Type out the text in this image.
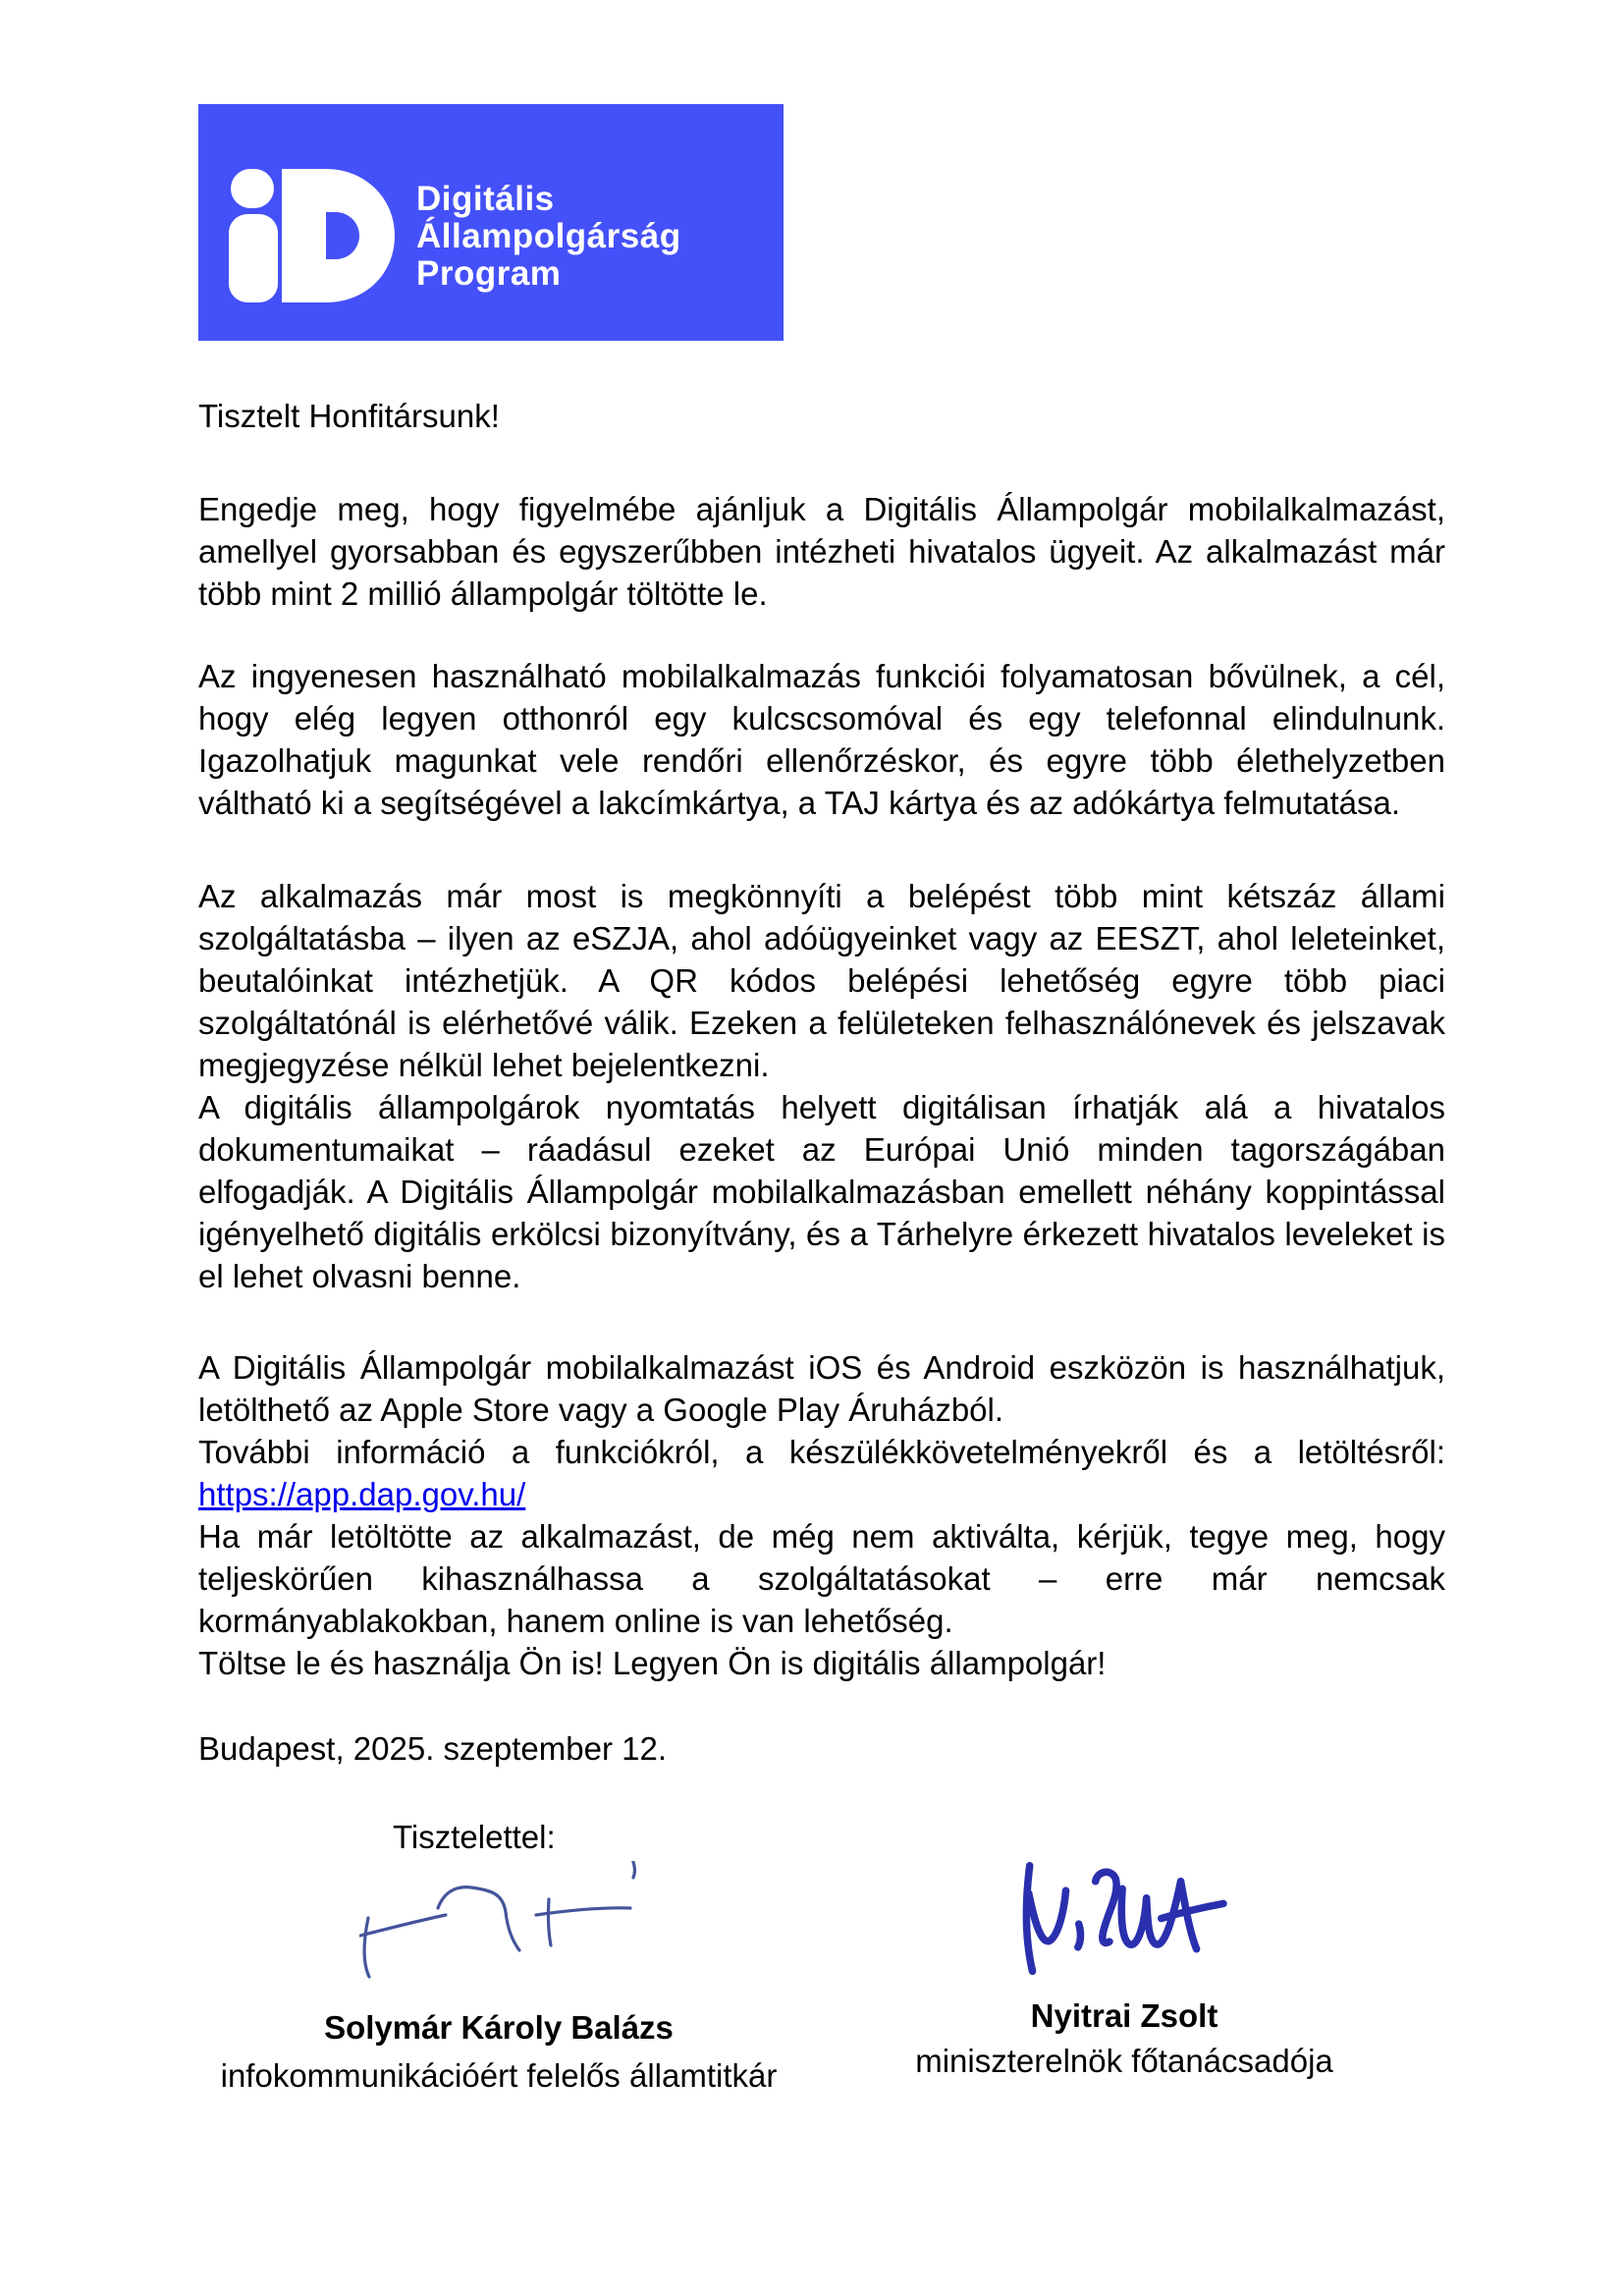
Digitális Állampolgárság Program

Tisztelt Honfitársunk!

Engedje meg, hogy figyelmébe ajánljuk a Digitális Állampolgár mobilalkalmazást, amellyel gyorsabban és egyszerűbben intézheti hivatalos ügyeit. Az alkalmazást már több mint 2 millió állampolgár töltötte le.

Az ingyenesen használható mobilalkalmazás funkciói folyamatosan bővülnek, a cél, hogy elég legyen otthonról egy kulcscsomóval és egy telefonnal elindulnunk. Igazolhatjuk magunkat vele rendőri ellenőrzéskor, és egyre több élethelyzetben váltható ki a segítségével a lakcímkártya, a TAJ kártya és az adókártya felmutatása.

Az alkalmazás már most is megkönnyíti a belépést több mint kétszáz állami szolgáltatásba – ilyen az eSZJA, ahol adóügyeinket vagy az EESZT, ahol leleteinket, beutalóinkat intézhetjük. A QR kódos belépési lehetőség egyre több piaci szolgáltatónál is elérhetővé válik. Ezeken a felületeken felhasználónevek és jelszavak megjegyzése nélkül lehet bejelentkezni.

A digitális állampolgárok nyomtatás helyett digitálisan írhatják alá a hivatalos dokumentumaikat – ráadásul ezeket az Európai Unió minden tagországában elfogadják. A Digitális Állampolgár mobilalkalmazásban emellett néhány koppintással igényelhető digitális erkölcsi bizonyítvány, és a Tárhelyre érkezett hivatalos leveleket is el lehet olvasni benne.

A Digitális Állampolgár mobilalkalmazást iOS és Android eszközön is használhatjuk, letölthető az Apple Store vagy a Google Play Áruházból.

További információ a funkciókról, a készülékkövetelményekről és a letöltésről:

https://app.dap.gov.hu/

Ha már letöltötte az alkalmazást, de még nem aktiválta, kérjük, tegye meg, hogy teljeskörűen kihasználhassa a szolgáltatásokat – erre már nemcsak kormányablakokban, hanem online is van lehetőség.

Töltse le és használja Ön is! Legyen Ön is digitális állampolgár!

Budapest, 2025. szeptember 12.

Tisztelettel:

Solymár Károly Balázs
infokommunikációért felelős államtitkár
Nyitrai Zsolt
miniszterelnök főtanácsadója
